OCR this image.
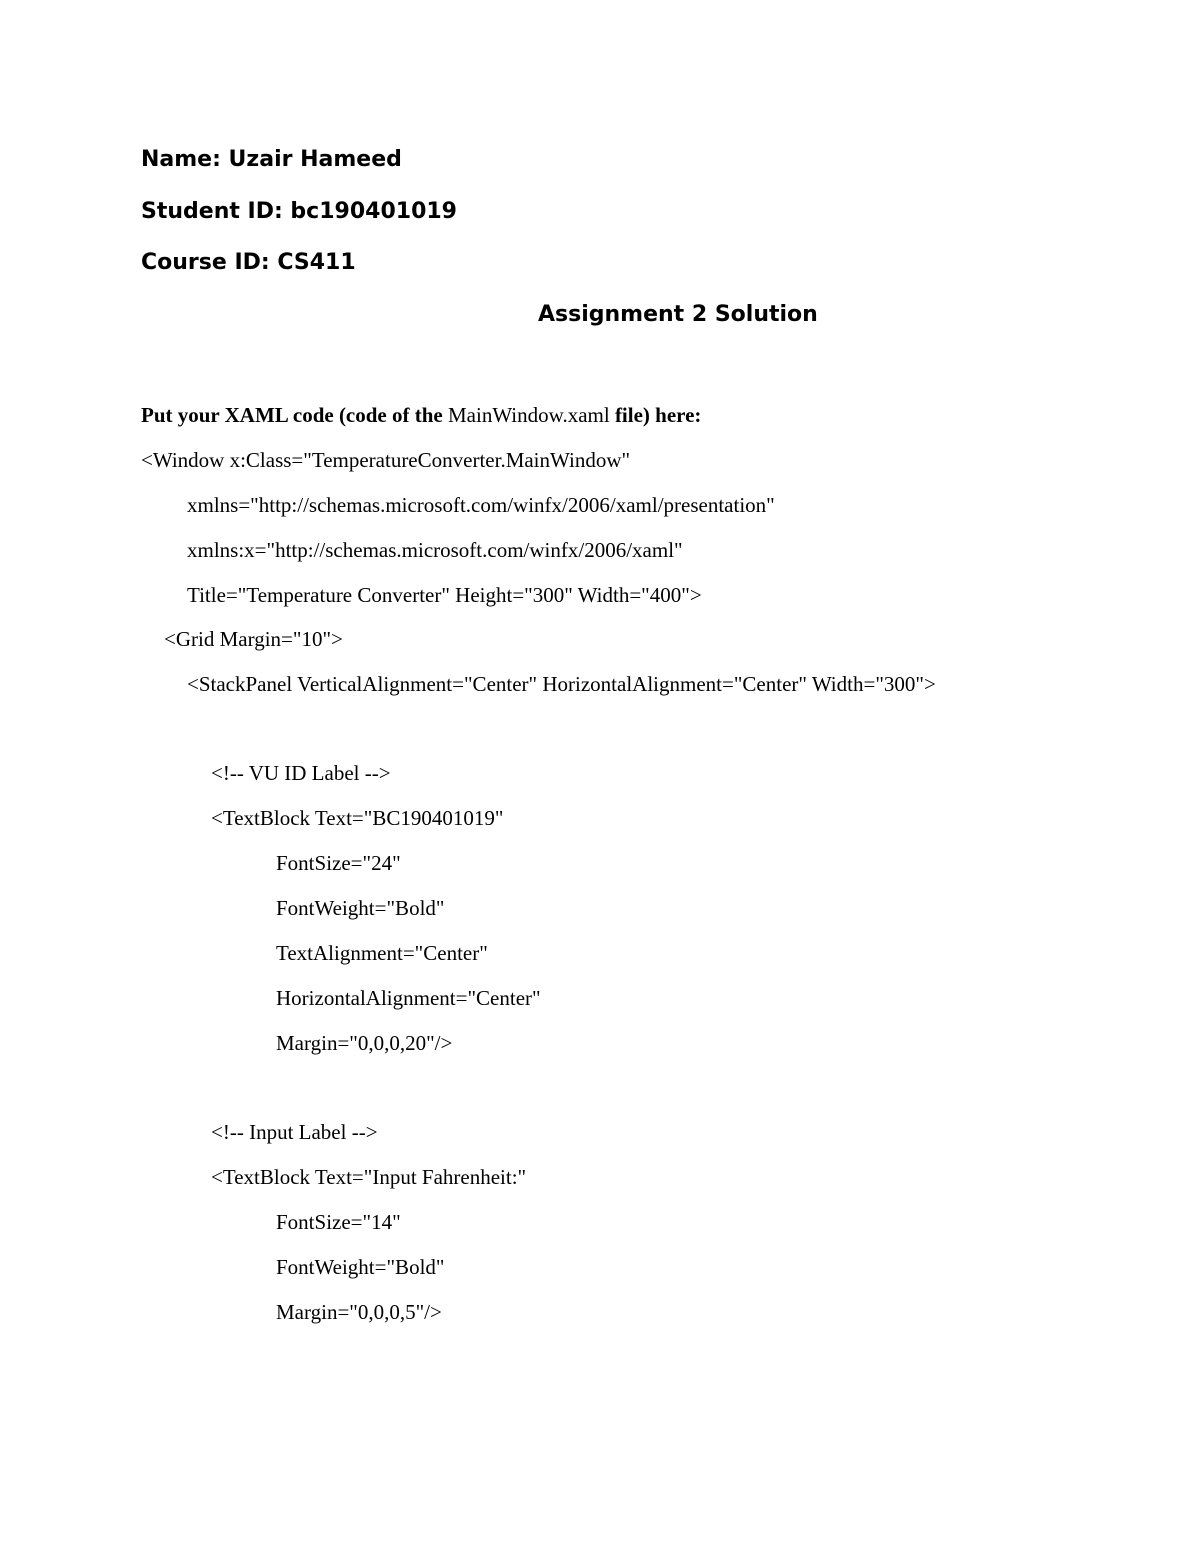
Name: Uzair Hameed
Student ID: bc190401019
Course ID: CS411
Assignment 2 Solution
Put your XAML code (code of the MainWindow.xaml file) here:
<Window x:Class="TemperatureConverter.MainWindow"
xmlns="http://schemas.microsoft.com/winfx/2006/xaml/presentation"
xmlns:x="http://schemas.microsoft.com/winfx/2006/xaml"
Title="Temperature Converter" Height="300" Width="400">
<Grid Margin="10">
<StackPanel VerticalAlignment="Center" HorizontalAlignment="Center" Width="300">
<!-- VU ID Label -->
<TextBlock Text="BC190401019"
FontSize="24"
FontWeight="Bold"
TextAlignment="Center"
HorizontalAlignment="Center"
Margin="0,0,0,20"/>
<!-- Input Label -->
<TextBlock Text="Input Fahrenheit:"
FontSize="14"
FontWeight="Bold"
Margin="0,0,0,5"/>
